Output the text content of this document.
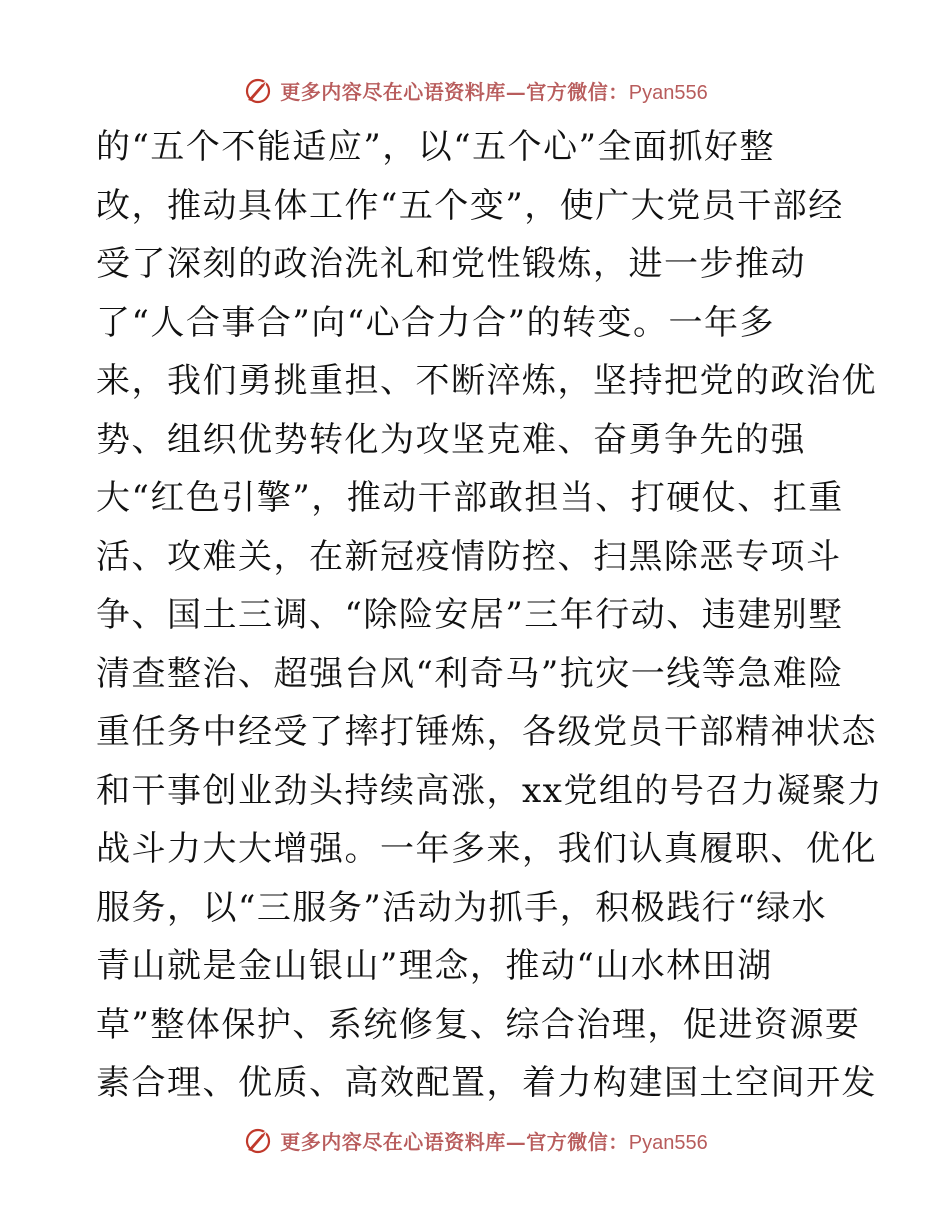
更多内容尽在心语资料库—官方微信：Pyan556
的“五个不能适应”，以“五个心”全面抓好整
改，推动具体工作“五个变”，使广大党员干部经
受了深刻的政治洗礼和党性锻炼，进一步推动
了“人合事合”向“心合力合”的转变。一年多
来，我们勇挑重担、不断淬炼，坚持把党的政治优
势、组织优势转化为攻坚克难、奋勇争先的强
大“红色引擎”，推动干部敢担当、打硬仗、扛重
活、攻难关，在新冠疫情防控、扫黑除恶专项斗
争、国土三调、“除险安居”三年行动、违建别墅
清查整治、超强台风“利奇马”抗灾一线等急难险
重任务中经受了摔打锤炼，各级党员干部精神状态
和干事创业劲头持续高涨，xx党组的号召力凝聚力
战斗力大大增强。一年多来，我们认真履职、优化
服务，以“三服务”活动为抓手，积极践行“绿水
青山就是金山银山”理念，推动“山水林田湖
草”整体保护、系统修复、综合治理，促进资源要
素合理、优质、高效配置，着力构建国土空间开发
更多内容尽在心语资料库—官方微信：Pyan556
